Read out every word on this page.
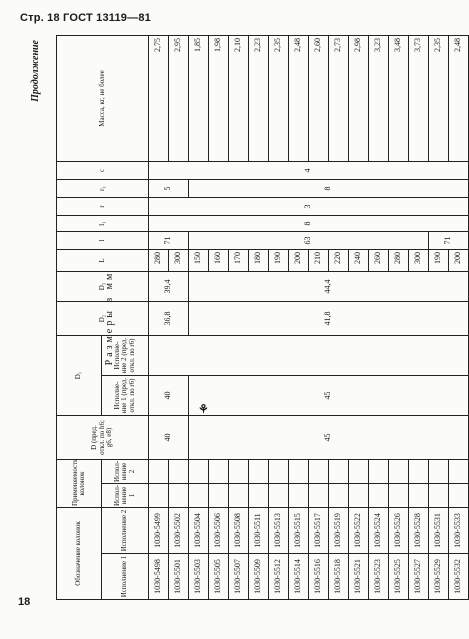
Стр. 18 ГОСТ 13119—81
18
⚘
Продолжение
Размеры в мм
Обозначение колонок		Применяемость колонок		D (пред. откл. по h6; g6, e8)	D₁		D₂	D₃	L	l	l₁	r	r₁	c	Масса, кг, не более
Исполнение 1	Исполнение 2	Испол-нение 1	Испол-нение 2		Исполне-ние 1 (пред. откл. по r6)	Исполне-ние 2 (пред. откл. по r6)									
1030-5498	1030-5499			40	40		36,8	39,4	280	71	8	3	5	4	2,75
1030-5501	1030-5502								300						2,95
1030-5503	1030-5504			45	45		41,8	44,4	150	63			8		1,85
1030-5505	1030-5506								160						1,98
1030-5507	1030-5508								170						2,10
1030-5509	1030-5511								180						2,23
1030-5512	1030-5513								190						2,35
1030-5514	1030-5515								200						2,48
1030-5516	1030-5517								210						2,60
1030-5518	1030-5519								220						2,73
1030-5521	1030-5522								240						2,98
1030-5523	1030-5524								260						3,23
1030-5525	1030-5526								280						3,48
1030-5527	1030-5528								300						3,73
1030-5529	1030-5531								190	71					2,35
1030-5532	1030-5533								200						2,48
